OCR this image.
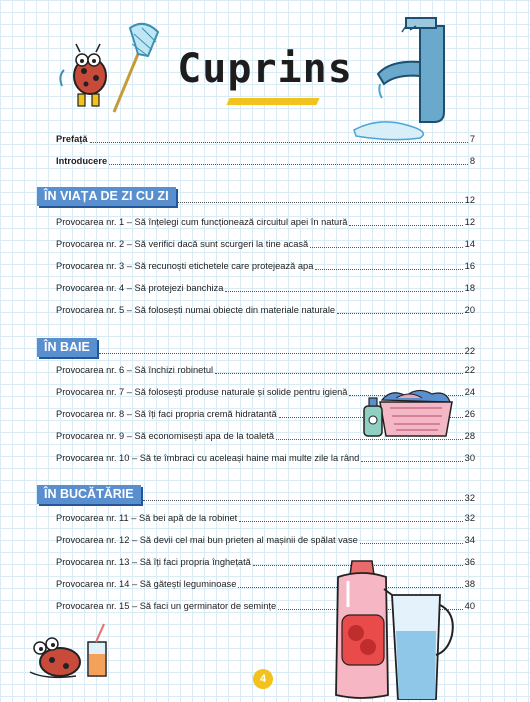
Cuprins
Prefață	7
Introducere	8
ÎN VIAȚA DE ZI CU ZI	12
Provocarea nr. 1 – Să înțelegi cum funcționează circuitul apei în natură	12
Provocarea nr. 2 – Să verifici dacă sunt scurgeri la tine acasă	14
Provocarea nr. 3 – Să recunoști etichetele care protejează apa	16
Provocarea nr. 4 – Să protejezi banchiza	18
Provocarea nr. 5 – Să folosești numai obiecte din materiale naturale	20
ÎN BAIE	22
Provocarea nr. 6 – Să închizi robinetul	22
Provocarea nr. 7 – Să folosești produse naturale și solide pentru igienă	24
Provocarea nr. 8 – Să îți faci propria cremă hidratantă	26
Provocarea nr. 9 – Să economisești apa de la toaletă	28
Provocarea nr. 10 – Să te îmbraci cu aceleași haine mai multe zile la rând	30
ÎN BUCĂTĂRIE	32
Provocarea nr. 11 – Să bei apă de la robinet	32
Provocarea nr. 12 – Să devii cel mai bun prieten al mașinii de spălat vase	34
Provocarea nr. 13 – Să îți faci propria înghețată	36
Provocarea nr. 14 – Să gătești leguminoase	38
Provocarea nr. 15 – Să faci un germinator de semințe	40
4
